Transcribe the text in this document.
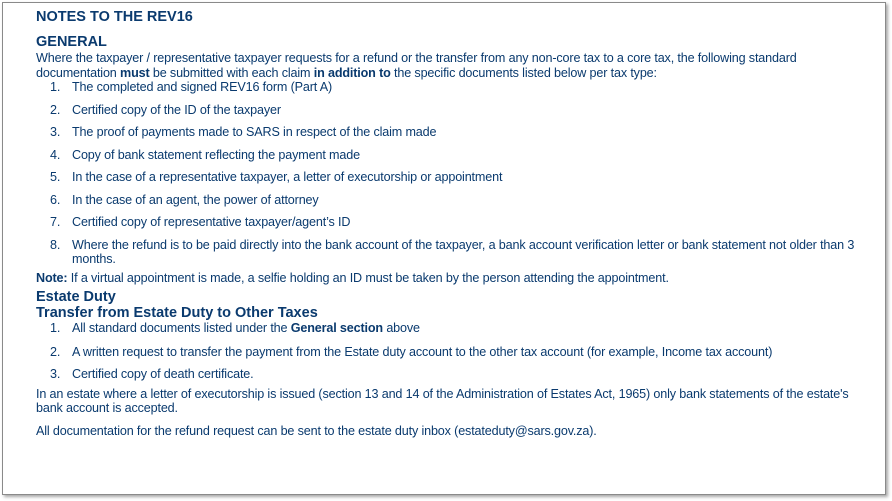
NOTES TO THE REV16
GENERAL

Where the taxpayer / representative taxpayer requests for a refund or the transfer from any non-core tax to a core tax, the following standard documentation must be submitted with each claim in addition to the specific documents listed below per tax type:

1. The completed and signed REV16 form (Part A)
2. Certified copy of the ID of the taxpayer
3. The proof of payments made to SARS in respect of the claim made
4. Copy of bank statement reflecting the payment made
5. In the case of a representative taxpayer, a letter of executorship or appointment
6. In the case of an agent, the power of attorney
7. Certified copy of representative taxpayer/agent’s ID
8. Where the refund is to be paid directly into the bank account of the taxpayer, a bank account verification letter or bank statement not older than 3 months.

Note: If a virtual appointment is made, a selfie holding an ID must be taken by the person attending the appointment.

Estate Duty
Transfer from Estate Duty to Other Taxes
1. All standard documents listed under the General section above
2. A written request to transfer the payment from the Estate duty account to the other tax account (for example, Income tax account)
3. Certified copy of death certificate.

In an estate where a letter of executorship is issued (section 13 and 14 of the Administration of Estates Act, 1965) only bank statements of the estate's bank account is accepted.

All documentation for the refund request can be sent to the estate duty inbox (estateduty@sars.gov.za).
